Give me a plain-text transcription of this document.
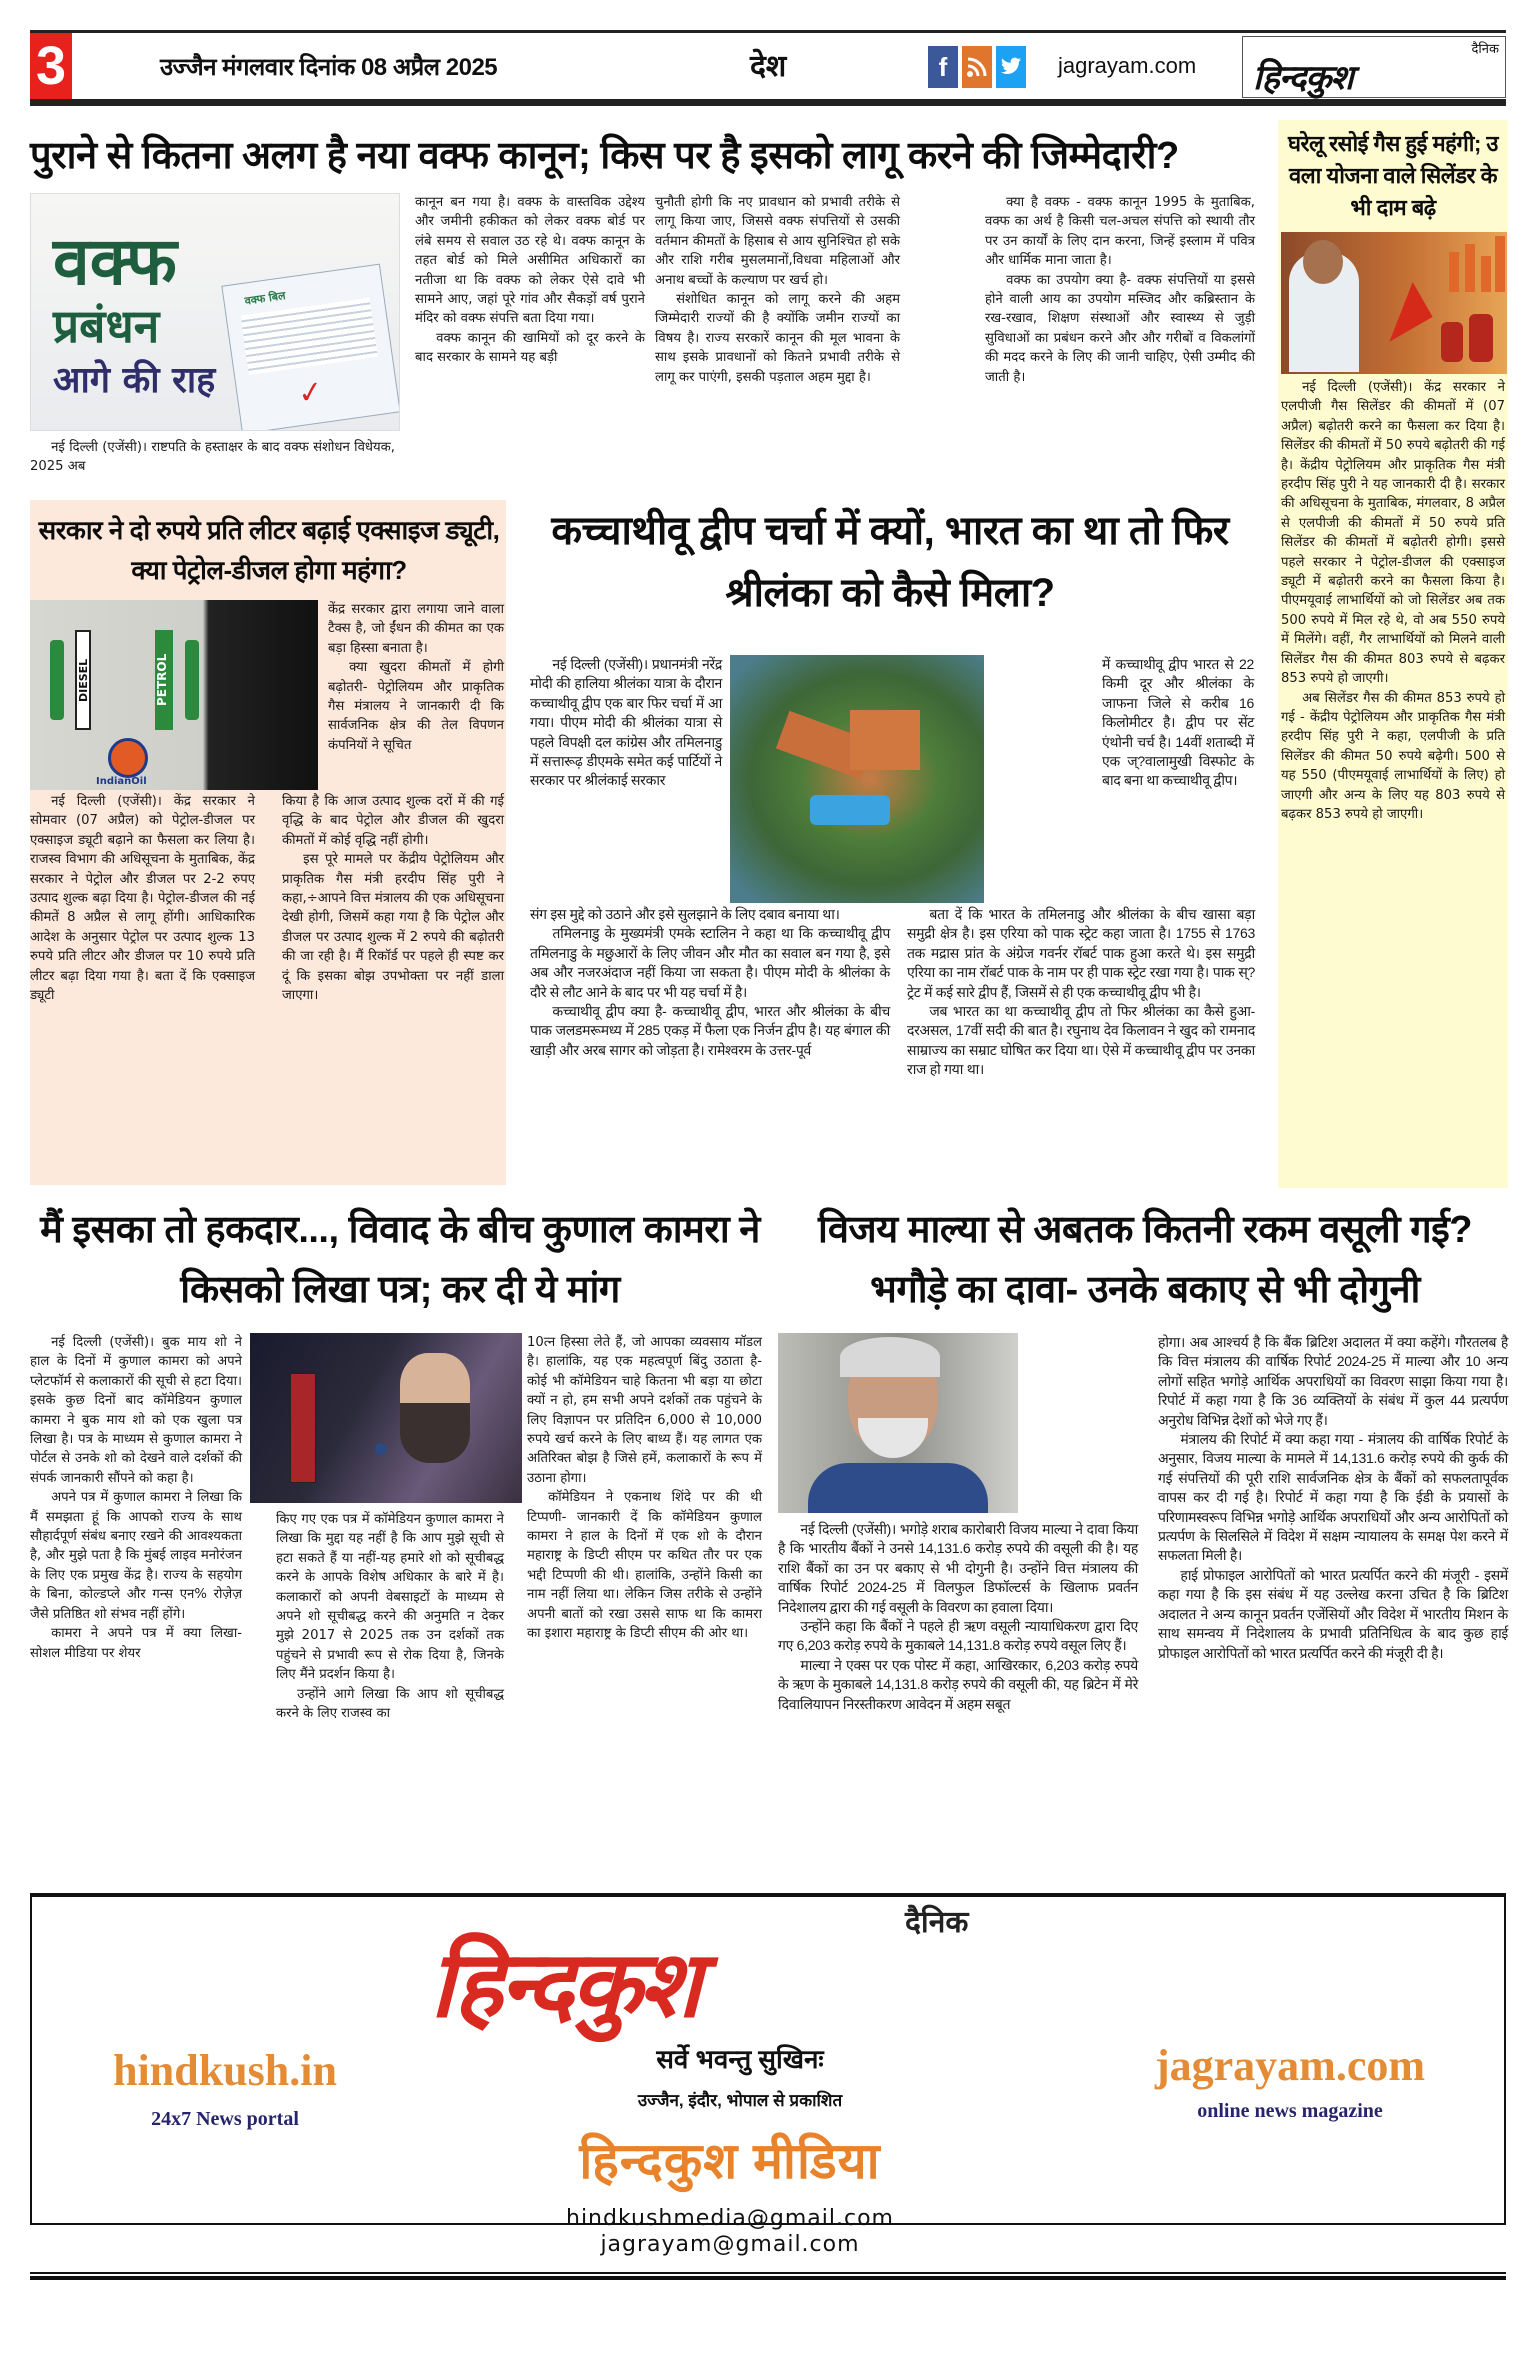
3	उज्जैन मंगलवार दिनांक 08 अप्रैल 2025	देश	f	jagrayam.com
दैनिक
हिन्दकुश
पुराने से कितना अलग है नया वक्फ कानून; किस पर है इसको लागू करने की जिम्मेदारी?
वक्फ
प्रबंधन
आगे की राह
वक्फ बिल
✓

नई दिल्ली (एजेंसी)। राष्टपति के हस्ताक्षर के बाद वक्फ संशोधन विधेयक, 2025 अब

कानून बन गया है। वक्फ के वास्तविक उद्देश्य और जमीनी हकीकत को लेकर वक्फ बोर्ड पर लंबे समय से सवाल उठ रहे थे। वक्फ कानून के तहत बोर्ड को मिले असीमित अधिकारों का नतीजा था कि वक्फ को लेकर ऐसे दावे भी सामने आए, जहां पूरे गांव और सैकड़ों वर्ष पुराने मंदिर को वक्फ संपत्ति बता दिया गया।

वक्फ कानून की खामियों को दूर करने के बाद सरकार के सामने यह बड़ी

चुनौती होगी कि नए प्रावधान को प्रभावी तरीके से लागू किया जाए, जिससे वक्फ संपत्तियों से उसकी वर्तमान कीमतों के हिसाब से आय सुनिश्चित हो सके और राशि गरीब मुसलमानों,विधवा महिलाओं और अनाथ बच्चों के कल्याण पर खर्च हो।

संशोधित कानून को लागू करने की अहम जिम्मेदारी राज्यों की है क्योंकि जमीन राज्यों का विषय है। राज्य सरकारें कानून की मूल भावना के साथ इसके प्रावधानों को कितने प्रभावी तरीके से लागू कर पाएंगी, इसकी पड़ताल अहम मुद्दा है।

क्या है वक्फ - वक्फ कानून 1995 के मुताबिक, वक्फ का अर्थ है किसी चल-अचल संपत्ति को स्थायी तौर पर उन कार्यों के लिए दान करना, जिन्हें इस्लाम में पवित्र और धार्मिक माना जाता है।

वक्फ का उपयोग क्या है- वक्फ संपत्तियों या इससे होने वाली आय का उपयोग मस्जिद और कब्रिस्तान के रख-रखाव, शिक्षण संस्थाओं और स्वास्थ्य से जुड़ी सुविधाओं का प्रबंधन करने और और गरीबों व विकलांगों की मदद करने के लिए की जानी चाहिए, ऐसी उम्मीद की जाती है।

घरेलू रसोई गैस हुई महंगी; उ वला योजना वाले सिलेंडर के भी दाम बढ़े

नई दिल्ली (एजेंसी)। केंद्र सरकार ने एलपीजी गैस सिलेंडर की कीमतों में (07 अप्रैल) बढ़ोतरी करने का फैसला कर दिया है। सिलेंडर की कीमतों में 50 रुपये बढ़ोतरी की गई है। केंद्रीय पेट्रोलियम और प्राकृतिक गैस मंत्री हरदीप सिंह पुरी ने यह जानकारी दी है। सरकार की अधिसूचना के मुताबिक, मंगलवार, 8 अप्रैल से एलपीजी की कीमतों में 50 रुपये प्रति सिलेंडर की कीमतों में बढ़ोतरी होगी। इससे पहले सरकार ने पेट्रोल-डीजल की एक्साइज ड्यूटी में बढ़ोतरी करने का फैसला किया है। पीएमयूवाई लाभार्थियों को जो सिलेंडर अब तक 500 रुपये में मिल रहे थे, वो अब 550 रुपये में मिलेंगे। वहीं, गैर लाभार्थियों को मिलने वाली सिलेंडर गैस की कीमत 803 रुपये से बढ़कर 853 रुपये हो जाएगी।

अब सिलेंडर गैस की कीमत 853 रुपये हो गई - केंद्रीय पेट्रोलियम और प्राकृतिक गैस मंत्री हरदीप सिंह पुरी ने कहा, एलपीजी के प्रति सिलेंडर की कीमत 50 रुपये बढ़ेगी। 500 से यह 550 (पीएमयूवाई लाभार्थियों के लिए) हो जाएगी और अन्य के लिए यह 803 रुपये से बढ़कर 853 रुपये हो जाएगी।

सरकार ने दो रुपये प्रति लीटर बढ़ाई एक्साइज ड्यूटी, क्या पेट्रोल-डीजल होगा महंगा?
DIESEL	PETROL
IndianOil

केंद्र सरकार द्वारा लगाया जाने वाला टैक्स है, जो ईंधन की कीमत का एक बड़ा हिस्सा बनाता है।

क्या खुदरा कीमतों में होगी बढ़ोतरी- पेट्रोलियम और प्राकृतिक गैस मंत्रालय ने जानकारी दी कि सार्वजनिक क्षेत्र की तेल विपणन कंपनियों ने सूचित

नई दिल्ली (एजेंसी)। केंद्र सरकार ने सोमवार (07 अप्रैल) को पेट्रोल-डीजल पर एक्साइज ड्यूटी बढ़ाने का फैसला कर लिया है। राजस्व विभाग की अधिसूचना के मुताबिक, केंद्र सरकार ने पेट्रोल और डीजल पर 2-2 रुपए उत्पाद शुल्क बढ़ा दिया है। पेट्रोल-डीजल की नई कीमतें 8 अप्रैल से लागू होंगी। आधिकारिक आदेश के अनुसार पेट्रोल पर उत्पाद शुल्क 13 रुपये प्रति लीटर और डीजल पर 10 रुपये प्रति लीटर बढ़ा दिया गया है। बता दें कि एक्साइज ड्यूटी

किया है कि आज उत्पाद शुल्क दरों में की गई वृद्धि के बाद पेट्रोल और डीजल की खुदरा कीमतों में कोई वृद्धि नहीं होगी।

इस पूरे मामले पर केंद्रीय पेट्रोलियम और प्राकृतिक गैस मंत्री हरदीप सिंह पुरी ने कहा,÷आपने वित्त मंत्रालय की एक अधिसूचना देखी होगी, जिसमें कहा गया है कि पेट्रोल और डीजल पर उत्पाद शुल्क में 2 रुपये की बढ़ोतरी की जा रही है। मैं रिकॉर्ड पर पहले ही स्पष्ट कर दूं कि इसका बोझ उपभोक्ता पर नहीं डाला जाएगा।

कच्चाथीवू द्वीप चर्चा में क्यों, भारत का था तो फिर श्रीलंका को कैसे मिला?

नई दिल्ली (एजेंसी)। प्रधानमंत्री नरेंद्र मोदी की हालिया श्रीलंका यात्रा के दौरान कच्चाथीवू द्वीप एक बार फिर चर्चा में आ गया। पीएम मोदी की श्रीलंका यात्रा से पहले विपक्षी दल कांग्रेस और तमिलनाडु में सत्तारूढ़ डीएमके समेत कई पार्टियों ने सरकार पर श्रीलंकाई सरकार

संग इस मुद्दे को उठाने और इसे सुलझाने के लिए दबाव बनाया था।

तमिलनाडु के मुख्यमंत्री एमके स्टालिन ने कहा था कि कच्चाथीवू द्वीप तमिलनाडु के मछुआरों के लिए जीवन और मौत का सवाल बन गया है, इसे अब और नजरअंदाज नहीं किया जा सकता है। पीएम मोदी के श्रीलंका के दौरे से लौट आने के बाद पर भी यह चर्चा में है।

कच्चाथीवू द्वीप क्या है- कच्चाथीवू द्वीप, भारत और श्रीलंका के बीच पाक जलडमरूमध्य में 285 एकड़ में फैला एक निर्जन द्वीप है। यह बंगाल की खाड़ी और अरब सागर को जोड़ता है। रामेश्वरम के उत्तर-पूर्व

में कच्चाथीवू द्वीप भारत से 22 किमी दूर और श्रीलंका के जाफना जिले से करीब 16 किलोमीटर है। द्वीप पर सेंट एंथोनी चर्च है। 14वीं शताब्दी में एक ज्?वालामुखी विस्फोट के बाद बना था कच्चाथीवू द्वीप।

बता दें कि भारत के तमिलनाडु और श्रीलंका के बीच खासा बड़ा समुद्री क्षेत्र है। इस एरिया को पाक स्ट्रेट कहा जाता है। 1755 से 1763 तक मद्रास प्रांत के अंग्रेज गवर्नर रॉबर्ट पाक हुआ करते थे। इस समुद्री एरिया का नाम रॉबर्ट पाक के नाम पर ही पाक स्ट्रेट रखा गया है। पाक स्?ट्रेट में कई सारे द्वीप हैं, जिसमें से ही एक कच्चाथीवू द्वीप भी है।

जब भारत का था कच्चाथीवू द्वीप तो फिर श्रीलंका का कैसे हुआ- दरअसल, 17वीं सदी की बात है। रघुनाथ देव किलावन ने खुद को रामनाद साम्राज्य का सम्राट घोषित कर दिया था। ऐसे में कच्चाथीवू द्वीप पर उनका राज हो गया था।

मैं इसका तो हकदार..., विवाद के बीच कुणाल कामरा ने किसको लिखा पत्र; कर दी ये मांग

नई दिल्ली (एजेंसी)। बुक माय शो ने हाल के दिनों में कुणाल कामरा को अपने प्लेटफॉर्म से कलाकारों की सूची से हटा दिया। इसके कुछ दिनों बाद कॉमेडियन कुणाल कामरा ने बुक माय शो को एक खुला पत्र लिखा है। पत्र के माध्यम से कुणाल कामरा ने पोर्टल से उनके शो को देखने वाले दर्शकों की संपर्क जानकारी सौंपने को कहा है।

अपने पत्र में कुणाल कामरा ने लिखा कि मैं समझता हूं कि आपको राज्य के साथ सौहार्दपूर्ण संबंध बनाए रखने की आवश्यकता है, और मुझे पता है कि मुंबई लाइव मनोरंजन के लिए एक प्रमुख केंद्र है। राज्य के सहयोग के बिना, कोल्डप्ले और गन्स एन% रोज़ेज़ जैसे प्रतिष्ठित शो संभव नहीं होंगे।

कामरा ने अपने पत्र में क्या लिखा- सोशल मीडिया पर शेयर

किए गए एक पत्र में कॉमेडियन कुणाल कामरा ने लिखा कि मुद्दा यह नहीं है कि आप मुझे सूची से हटा सकते हैं या नहीं-यह हमारे शो को सूचीबद्ध करने के आपके विशेष अधिकार के बारे में है। कलाकारों को अपनी वेबसाइटों के माध्यम से अपने शो सूचीबद्ध करने की अनुमति न देकर मुझे 2017 से 2025 तक उन दर्शकों तक पहुंचने से प्रभावी रूप से रोक दिया है, जिनके लिए मैंने प्रदर्शन किया है।

उन्होंने आगे लिखा कि आप शो सूचीबद्ध करने के लिए राजस्व का

10त्न हिस्सा लेते हैं, जो आपका व्यवसाय मॉडल है। हालांकि, यह एक महत्वपूर्ण बिंदु उठाता है- कोई भी कॉमेडियन चाहे कितना भी बड़ा या छोटा क्यों न हो, हम सभी अपने दर्शकों तक पहुंचने के लिए विज्ञापन पर प्रतिदिन 6,000 से 10,000 रुपये खर्च करने के लिए बाध्य हैं। यह लागत एक अतिरिक्त बोझ है जिसे हमें, कलाकारों के रूप में उठाना होगा।

कॉमेडियन ने एकनाथ शिंदे पर की थी टिप्पणी- जानकारी दें कि कॉमेडियन कुणाल कामरा ने हाल के दिनों में एक शो के दौरान महाराष्ट्र के डिप्टी सीएम पर कथित तौर पर एक भद्दी टिप्पणी की थी। हालांकि, उन्होंने किसी का नाम नहीं लिया था। लेकिन जिस तरीके से उन्होंने अपनी बातों को रखा उससे साफ था कि कामरा का इशारा महाराष्ट्र के डिप्टी सीएम की ओर था।

विजय माल्या से अबतक कितनी रकम वसूली गई? भगौड़े का दावा- उनके बकाए से भी दोगुनी

नई दिल्ली (एजेंसी)। भगोड़े शराब कारोबारी विजय माल्या ने दावा किया है कि भारतीय बैंकों ने उनसे 14,131.6 करोड़ रुपये की वसूली की है। यह राशि बैंकों का उन पर बकाए से भी दोगुनी है। उन्होंने वित्त मंत्रालय की वार्षिक रिपोर्ट 2024-25 में विलफुल डिफॉल्टर्स के खिलाफ प्रवर्तन निदेशालय द्वारा की गई वसूली के विवरण का हवाला दिया।

उन्होंने कहा कि बैंकों ने पहले ही ऋण वसूली न्यायाधिकरण द्वारा दिए गए 6,203 करोड़ रुपये के मुकाबले 14,131.8 करोड़ रुपये वसूल लिए हैं।

माल्या ने एक्स पर एक पोस्ट में कहा, आखिरकार, 6,203 करोड़ रुपये के ऋण के मुकाबले 14,131.8 करोड़ रुपये की वसूली की, यह ब्रिटेन में मेरे दिवालियापन निरस्तीकरण आवेदन में अहम सबूत

होगा। अब आश्चर्य है कि बैंक ब्रिटिश अदालत में क्या कहेंगे। गौरतलब है कि वित्त मंत्रालय की वार्षिक रिपोर्ट 2024-25 में माल्या और 10 अन्य लोगों सहित भगोड़े आर्थिक अपराधियों का विवरण साझा किया गया है। रिपोर्ट में कहा गया है कि 36 व्यक्तियों के संबंध में कुल 44 प्रत्यर्पण अनुरोध विभिन्न देशों को भेजे गए हैं।

मंत्रालय की रिपोर्ट में क्या कहा गया - मंत्रालय की वार्षिक रिपोर्ट के अनुसार, विजय माल्या के मामले में 14,131.6 करोड़ रुपये की कुर्क की गई संपत्तियों की पूरी राशि सार्वजनिक क्षेत्र के बैंकों को सफलतापूर्वक वापस कर दी गई है। रिपोर्ट में कहा गया है कि ईडी के प्रयासों के परिणामस्वरूप विभिन्न भगोड़े आर्थिक अपराधियों और अन्य आरोपितों को प्रत्यर्पण के सिलसिले में विदेश में सक्षम न्यायालय के समक्ष पेश करने में सफलता मिली है।

हाई प्रोफाइल आरोपितों को भारत प्रत्यर्पित करने की मंजूरी - इसमें कहा गया है कि इस संबंध में यह उल्लेख करना उचित है कि ब्रिटिश अदालत ने अन्य कानून प्रवर्तन एजेंसियों और विदेश में भारतीय मिशन के साथ समन्वय में निदेशालय के प्रभावी प्रतिनिधित्व के बाद कुछ हाई प्रोफाइल आरोपितों को भारत प्रत्यर्पित करने की मंजूरी दी है।

दैनिक
हिन्दकुश
सर्वे भवन्तु सुखिनः
उज्जैन, इंदौर, भोपाल से प्रकाशित
हिन्दकुश मीडिया
hindkushmedia@gmail.com
jagrayam@gmail.com
hindkush.in
24x7 News portal
jagrayam.com
online news magazine
